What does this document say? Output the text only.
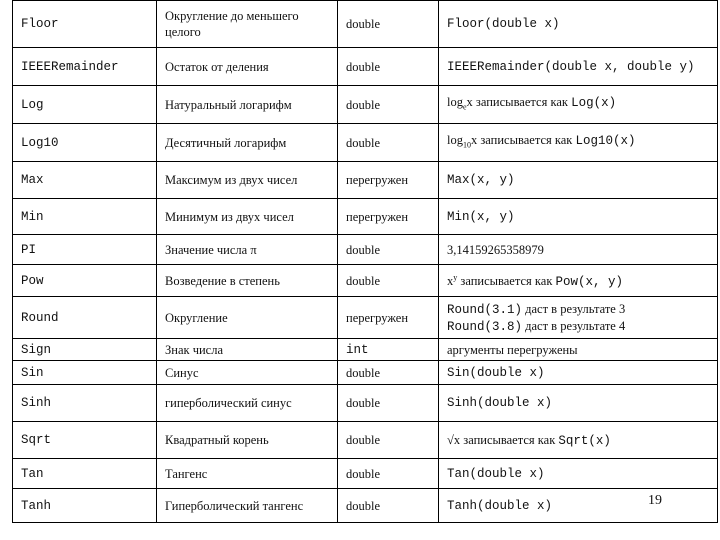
Floor	Округление до меньшего целого	double	Floor(double x)
IEEERemainder	Остаток от деления	double	IEEERemainder(double x, double y)
Log	Натуральный логарифм	double	$\log_ex$ записывается как Log(x)
Log10	Десятичный логарифм	double	$\log_{10}x$ записывается как Log10(x)
Max	Максимум из двух чисел	перегружен	Max(x, y)
Min	Минимум из двух чисел	перегружен	Min(x, y)
PI	Значение числа π	double	3,14159265358979
Pow	Возведение в степень	double	$x^y$ записывается как Pow(x, y)
Round	Округление	перегружен	Round(3.1) даст в результате 3
Round(3.8) даст в результате 4

Sign	Знак числа	int	аргументы перегружены
Sin	Синус	double	Sin(double x)
Sinh	гиперболический синус	double	Sinh(double x)
Sqrt	Квадратный корень	double	√x записывается как Sqrt(x)
Tan	Тангенс	double	Tan(double x)
Tanh	Гиперболический тангенс	double	Tanh(double x)	19
